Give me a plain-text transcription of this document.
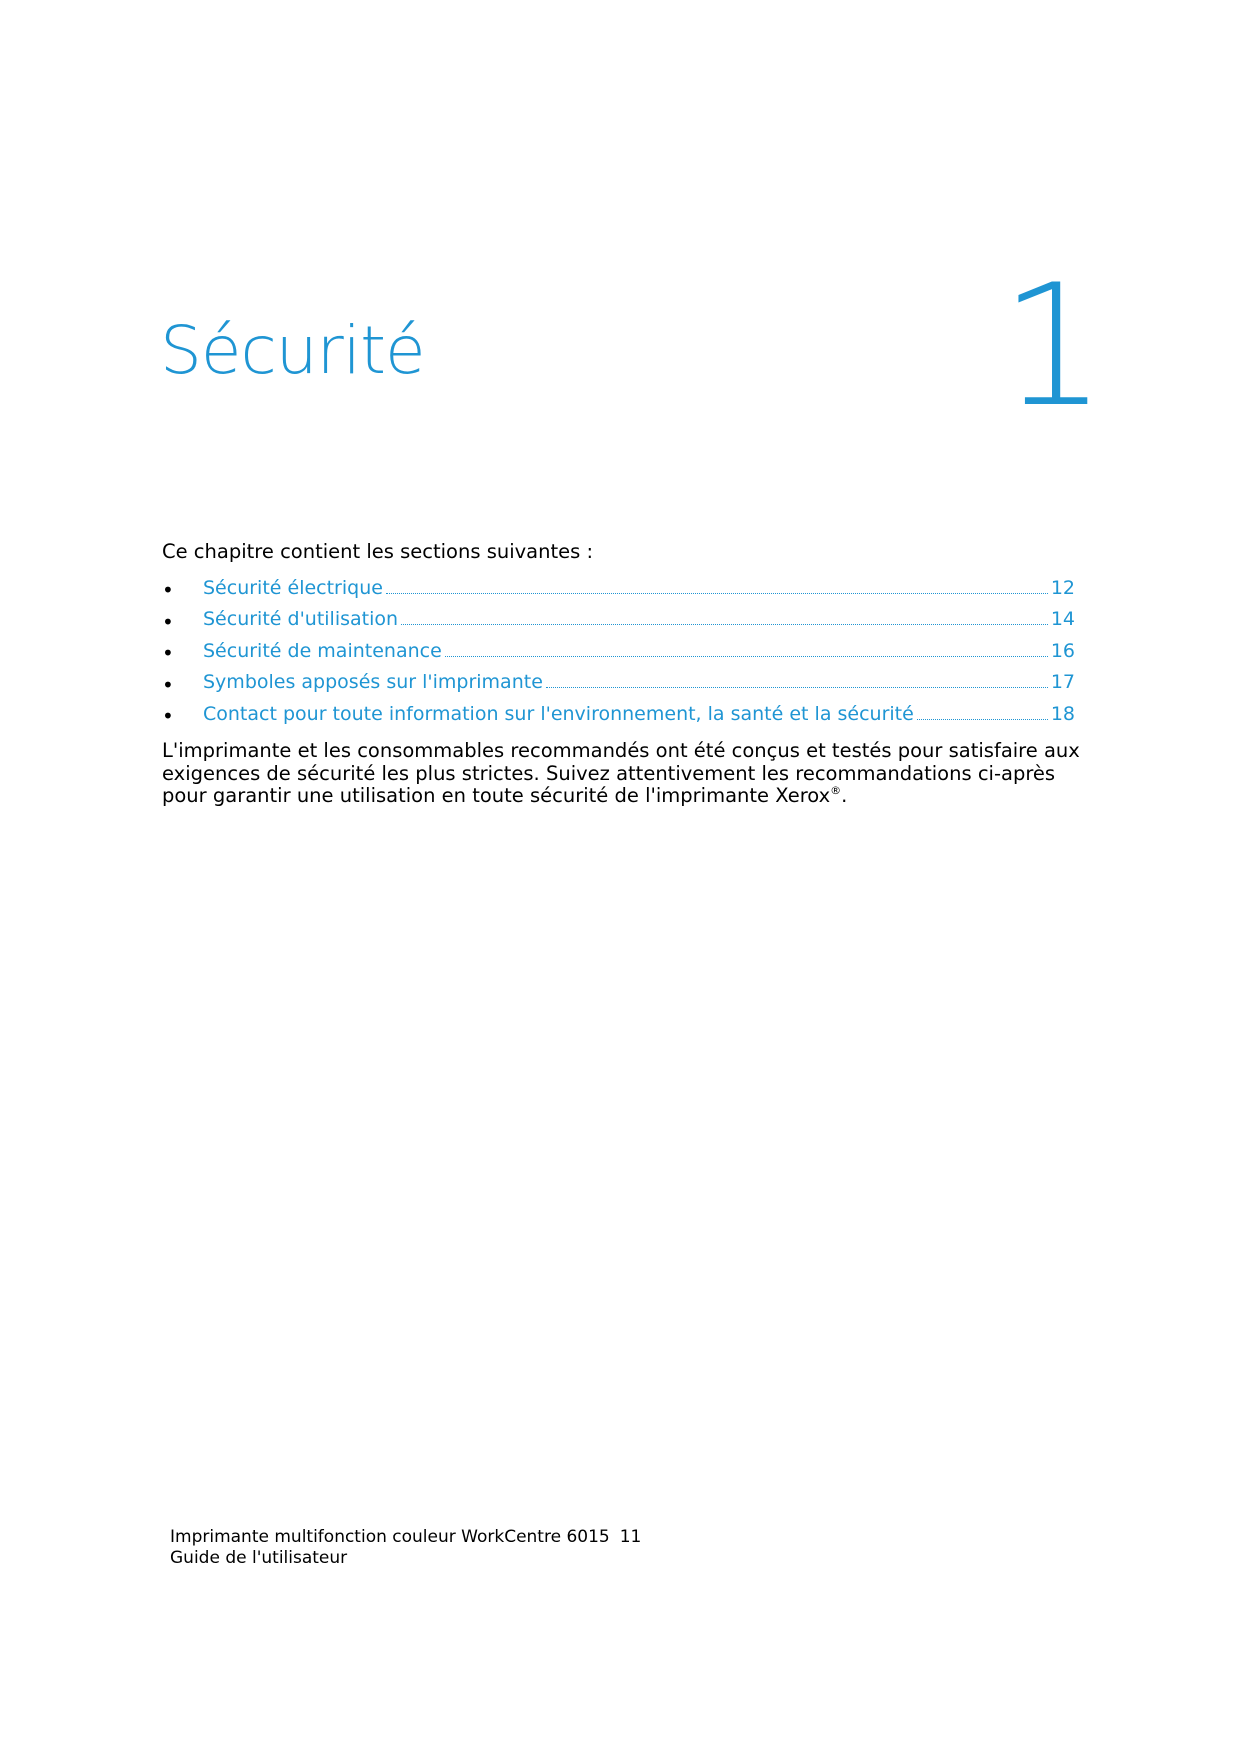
Sécurité	1

Ce chapitre contient les sections suivantes :

• Sécurité électrique	12
• Sécurité d'utilisation	14
• Sécurité de maintenance	16
• Symboles apposés sur l'imprimante	17
• Contact pour toute information sur l'environnement, la santé et la sécurité	18

L'imprimante et les consommables recommandés ont été conçus et testés pour satisfaire aux exigences de sécurité les plus strictes. Suivez attentivement les recommandations ci-après pour garantir une utilisation en toute sécurité de l'imprimante Xerox®.

Imprimante multifonction couleur WorkCentre 6015 11
Guide de l'utilisateur
